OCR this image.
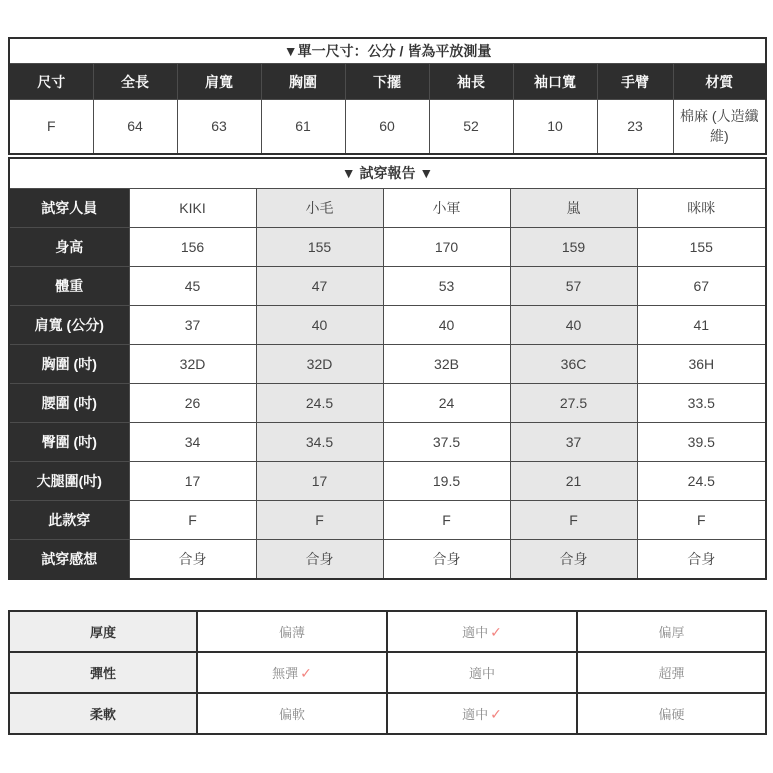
▼單一尺寸：公分 / 皆為平放測量								
尺寸	全長	肩寬	胸圍	下擺	袖長	袖口寬	手臂	材質
F	64	63	61	60	52	10	23	棉麻 (人造纖維)
▼ 試穿報告 ▼					
試穿人員	KIKI	小毛	小軍	嵐	咪咪
身高	156	155	170	159	155
體重	45	47	53	57	67
肩寬 (公分)	37	40	40	40	41
胸圍 (吋)	32D	32D	32B	36C	36H
腰圍 (吋)	26	24.5	24	27.5	33.5
臀圍 (吋)	34	34.5	37.5	37	39.5
大腿圍(吋)	17	17	19.5	21	24.5
此款穿	F	F	F	F	F
試穿感想	合身	合身	合身	合身	合身
厚度	偏薄	適中 ✓	偏厚
彈性	無彈 ✓	適中	超彈
柔軟	偏軟	適中 ✓	偏硬
